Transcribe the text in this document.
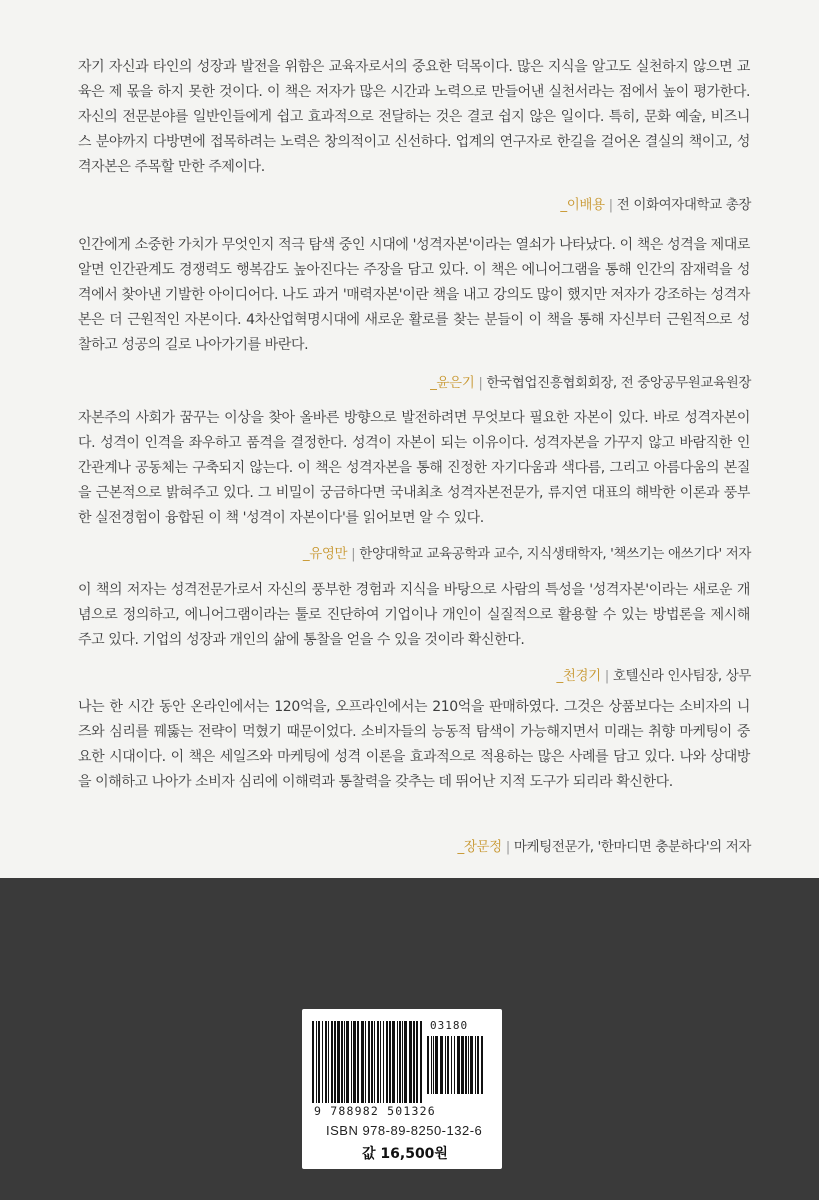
자기 자신과 타인의 성장과 발전을 위함은 교육자로서의 중요한 덕목이다. 많은 지식을 알고도 실천하지 않으면 교육은 제 몫을 하지 못한 것이다. 이 책은 저자가 많은 시간과 노력으로 만들어낸 실천서라는 점에서 높이 평가한다. 자신의 전문분야를 일반인들에게 쉽고 효과적으로 전달하는 것은 결코 쉽지 않은 일이다. 특히, 문화 예술, 비즈니스 분야까지 다방면에 접목하려는 노력은 창의적이고 신선하다. 업계의 연구자로 한길을 걸어온 결실의 책이고, 성격자본은 주목할 만한 주제이다.

_이배용 | 전 이화여자대학교 총장

인간에게 소중한 가치가 무엇인지 적극 탐색 중인 시대에 '성격자본'이라는 열쇠가 나타났다. 이 책은 성격을 제대로 알면 인간관계도 경쟁력도 행복감도 높아진다는 주장을 담고 있다. 이 책은 에니어그램을 통해 인간의 잠재력을 성격에서 찾아낸 기발한 아이디어다. 나도 과거 '매력자본'이란 책을 내고 강의도 많이 했지만 저자가 강조하는 성격자본은 더 근원적인 자본이다. 4차산업혁명시대에 새로운 활로를 찾는 분들이 이 책을 통해 자신부터 근원적으로 성찰하고 성공의 길로 나아가기를 바란다.

_윤은기 | 한국협업진흥협회회장, 전 중앙공무원교육원장

자본주의 사회가 꿈꾸는 이상을 찾아 올바른 방향으로 발전하려면 무엇보다 필요한 자본이 있다. 바로 성격자본이다. 성격이 인격을 좌우하고 품격을 결정한다. 성격이 자본이 되는 이유이다. 성격자본을 가꾸지 않고 바람직한 인간관계나 공동체는 구축되지 않는다. 이 책은 성격자본을 통해 진정한 자기다움과 색다름, 그리고 아름다움의 본질을 근본적으로 밝혀주고 있다. 그 비밀이 궁금하다면 국내최초 성격자본전문가, 류지연 대표의 해박한 이론과 풍부한 실전경험이 융합된 이 책 '성격이 자본이다'를 읽어보면 알 수 있다.

_유영만 | 한양대학교 교육공학과 교수, 지식생태학자, '책쓰기는 애쓰기다' 저자

이 책의 저자는 성격전문가로서 자신의 풍부한 경험과 지식을 바탕으로 사람의 특성을 '성격자본'이라는 새로운 개념으로 정의하고, 에니어그램이라는 툴로 진단하여 기업이나 개인이 실질적으로 활용할 수 있는 방법론을 제시해 주고 있다. 기업의 성장과 개인의 삶에 통찰을 얻을 수 있을 것이라 확신한다.

_천경기 | 호텔신라 인사팀장, 상무

나는 한 시간 동안 온라인에서는 120억을, 오프라인에서는 210억을 판매하였다. 그것은 상품보다는 소비자의 니즈와 심리를 꿰뚫는 전략이 먹혔기 때문이었다. 소비자들의 능동적 탐색이 가능해지면서 미래는 취향 마케팅이 중요한 시대이다. 이 책은 세일즈와 마케팅에 성격 이론을 효과적으로 적용하는 많은 사례를 담고 있다. 나와 상대방을 이해하고 나아가 소비자 심리에 이해력과 통찰력을 갖추는 데 뛰어난 지적 도구가 되리라 확신한다.

_장문정 | 마케팅전문가, '한마디면 충분하다'의 저자
03180
9 788982 501326
ISBN 978-89-8250-132-6
값 16,500원
